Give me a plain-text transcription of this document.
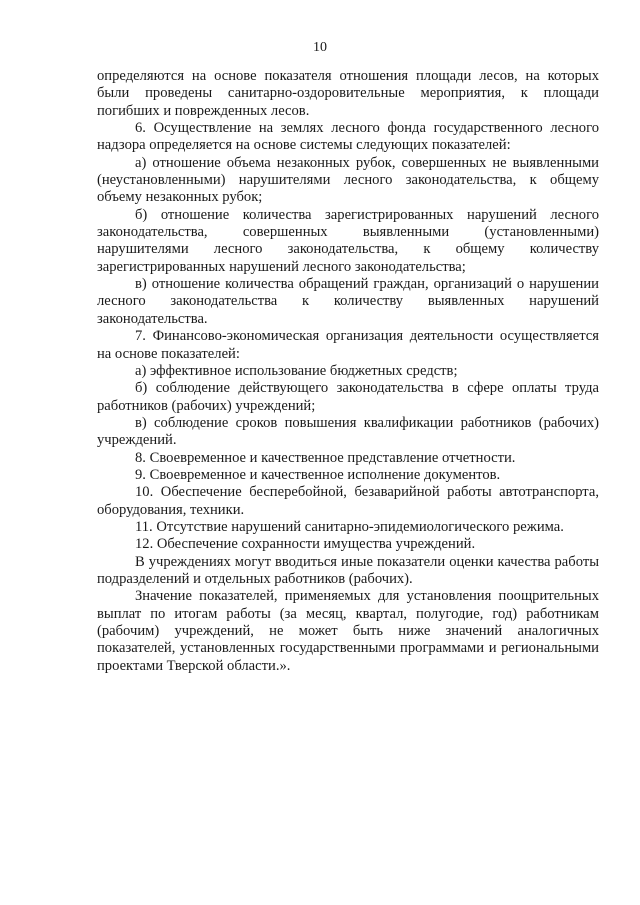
10

определяются на основе показателя отношения площади лесов, на которых были проведены санитарно-оздоровительные мероприятия, к площади погибших и поврежденных лесов.

6. Осуществление на землях лесного фонда государственного лесного надзора определяется на основе системы следующих показателей:

а) отношение объема незаконных рубок, совершенных не выявленными (неустановленными) нарушителями лесного законодательства, к общему объему незаконных рубок;

б) отношение количества зарегистрированных нарушений лесного законодательства, совершенных выявленными (установленными) нарушителями лесного законодательства, к общему количеству зарегистрированных нарушений лесного законодательства;

в) отношение количества обращений граждан, организаций о нарушении лесного законодательства к количеству выявленных нарушений законодательства.

7. Финансово-экономическая организация деятельности осуществляется на основе показателей:

а) эффективное использование бюджетных средств;

б) соблюдение действующего законодательства в сфере оплаты труда работников (рабочих) учреждений;

в) соблюдение сроков повышения квалификации работников (рабочих) учреждений.

8. Своевременное и качественное представление отчетности.

9. Своевременное и качественное исполнение документов.

10. Обеспечение бесперебойной, безаварийной работы автотранспорта, оборудования, техники.

11. Отсутствие нарушений санитарно-эпидемиологического режима.

12. Обеспечение сохранности имущества учреждений.

В учреждениях могут вводиться иные показатели оценки качества работы подразделений и отдельных работников (рабочих).

Значение показателей, применяемых для установления поощрительных выплат по итогам работы (за месяц, квартал, полугодие, год) работникам (рабочим) учреждений, не может быть ниже значений аналогичных показателей, установленных государственными программами и региональными проектами Тверской области.».
